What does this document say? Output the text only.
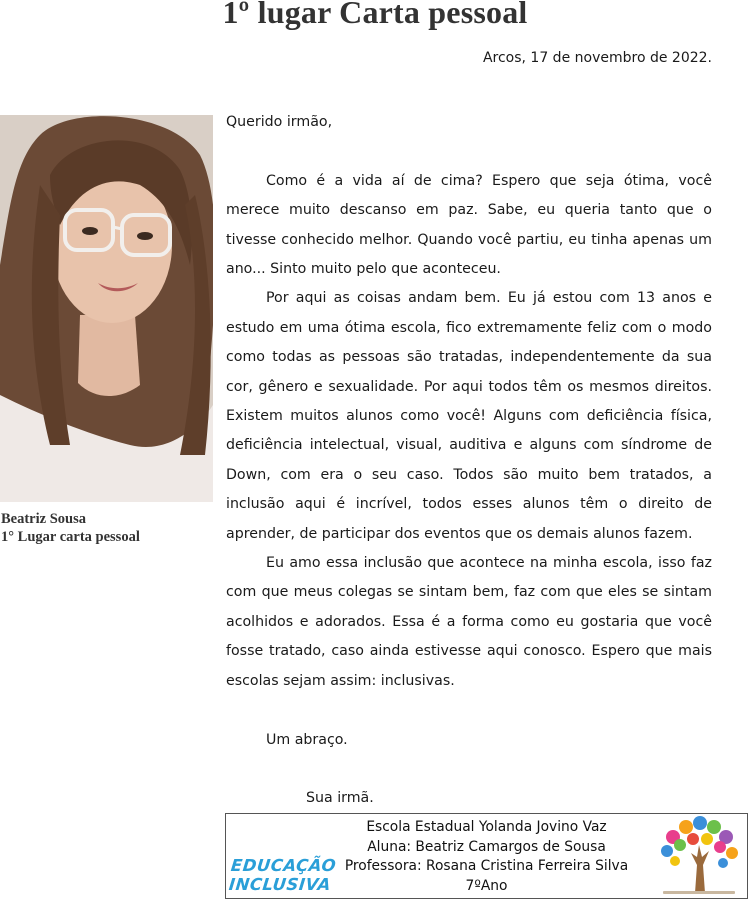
1º lugar Carta pessoal
Arcos, 17 de novembro de 2022.
Beatriz Sousa
1° Lugar carta pessoal

Querido irmão,

Como é a vida aí de cima? Espero que seja ótima, você merece muito descanso em paz. Sabe, eu queria tanto que o tivesse conhecido melhor. Quando você partiu, eu tinha apenas um ano... Sinto muito pelo que aconteceu.

Por aqui as coisas andam bem. Eu já estou com 13 anos e estudo em uma ótima escola, fico extremamente feliz com o modo como todas as pessoas são tratadas, independentemente da sua cor, gênero e sexualidade. Por aqui todos têm os mesmos direitos. Existem muitos alunos como você! Alguns com deficiência física, deficiência intelectual, visual, auditiva e alguns com síndrome de Down, com era o seu caso. Todos são muito bem tratados, a inclusão aqui é incrível, todos esses alunos têm o direito de aprender, de participar dos eventos que os demais alunos fazem.

Eu amo essa inclusão que acontece na minha escola, isso faz com que meus colegas se sintam bem, faz com que eles se sintam acolhidos e adorados. Essa é a forma como eu gostaria que você fosse tratado, caso ainda estivesse aqui conosco. Espero que mais escolas sejam assim: inclusivas.

Um abraço.

Sua irmã.

Escola Estadual Yolanda Jovino Vaz
Aluna: Beatriz Camargos de Sousa
Professora: Rosana Cristina Ferreira Silva
7ºAno
EDUCAÇÃO
INCLUSIVA
